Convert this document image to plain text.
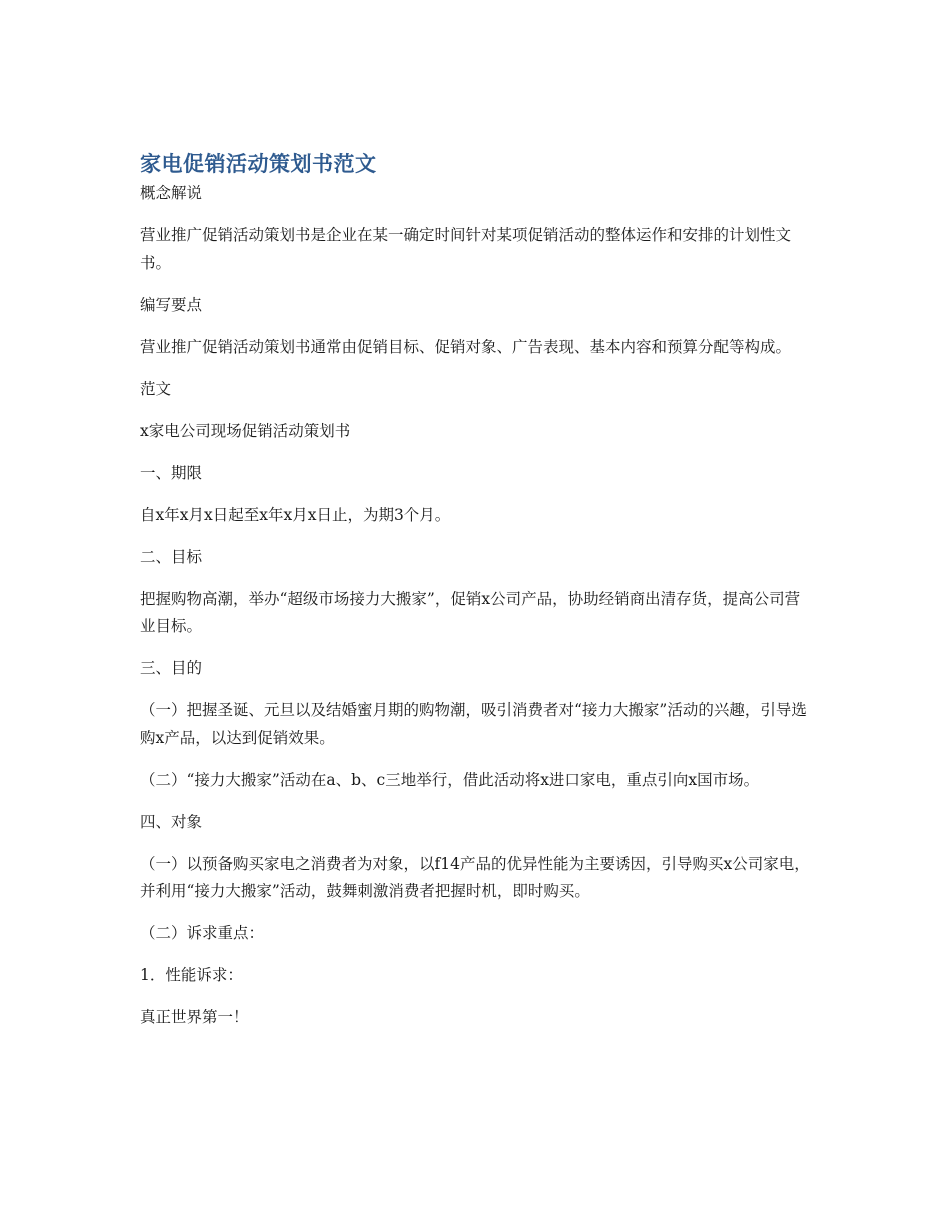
家电促销活动策划书范文

概念解说

营业推广促销活动策划书是企业在某一确定时间针对某项促销活动的整体运作和安排的计划性文书。

编写要点

营业推广促销活动策划书通常由促销目标、促销对象、广告表现、基本内容和预算分配等构成。

范文

x家电公司现场促销活动策划书

一、期限

自x年x月x日起至x年x月x日止，为期3个月。

二、目标

把握购物高潮，举办“超级市场接力大搬家”，促销x公司产品，协助经销商出清存货，提高公司营业目标。

三、目的

（一）把握圣诞、元旦以及结婚蜜月期的购物潮，吸引消费者对“接力大搬家”活动的兴趣，引导选购x产品，以达到促销效果。

（二）“接力大搬家”活动在a、b、c三地举行，借此活动将x进口家电，重点引向x国市场。

四、对象

（一）以预备购买家电之消费者为对象，以f14产品的优异性能为主要诱因，引导购买x公司家电，并利用“接力大搬家”活动，鼓舞刺激消费者把握时机，即时购买。

（二）诉求重点：

1．性能诉求：

真正世界第一！
